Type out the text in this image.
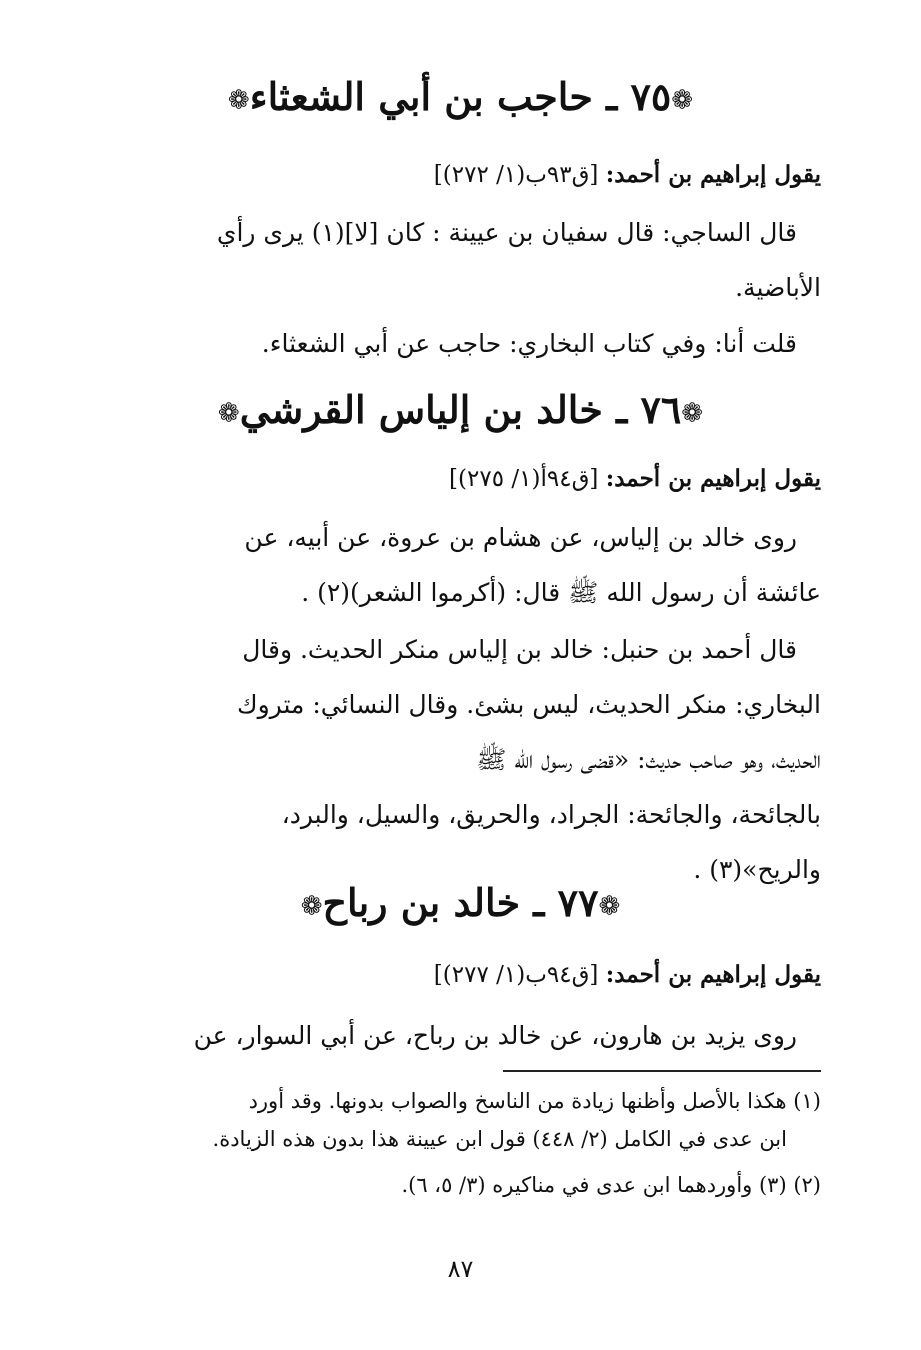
❁٧٥ ـ حاجب بن أبي الشعثاء❁
يقول إبراهيم بن أحمد: [ق٩٣ب(١/ ٢٧٢)]
قال الساجي: قال سفيان بن عيينة : كان [لا](١) يرى رأي
الأباضية.
قلت أنا: وفي كتاب البخاري: حاجب عن أبي الشعثاء.
❁٧٦ ـ خالد بن إلياس القرشي❁
يقول إبراهيم بن أحمد: [ق٩٤أ(١/ ٢٧٥)]
روى خالد بن إلياس، عن هشام بن عروة، عن أبيه، عن
عائشة أن رسول الله ﷺ قال: (أكرموا الشعر)(٢) .
قال أحمد بن حنبل: خالد بن إلياس منكر الحديث. وقال
البخاري: منكر الحديث، ليس بشئ. وقال النسائي: متروك
الحديث، وهو صاحب حديث: «قضى رسول الله ﷺ
بالجائحة، والجائحة: الجراد، والحريق، والسيل، والبرد،
والريح»(٣) .
❁٧٧ ـ خالد بن رباح❁
يقول إبراهيم بن أحمد: [ق٩٤ب(١/ ٢٧٧)]
روى يزيد بن هارون، عن خالد بن رباح، عن أبي السوار، عن
(١) هكذا بالأصل وأظنها زيادة من الناسخ والصواب بدونها. وقد أورد
ابن عدى في الكامل (٢/ ٤٤٨) قول ابن عيينة هذا بدون هذه الزيادة.
(٢) (٣) وأوردهما ابن عدى في مناكيره (٣/ ٥، ٦).
٨٧
